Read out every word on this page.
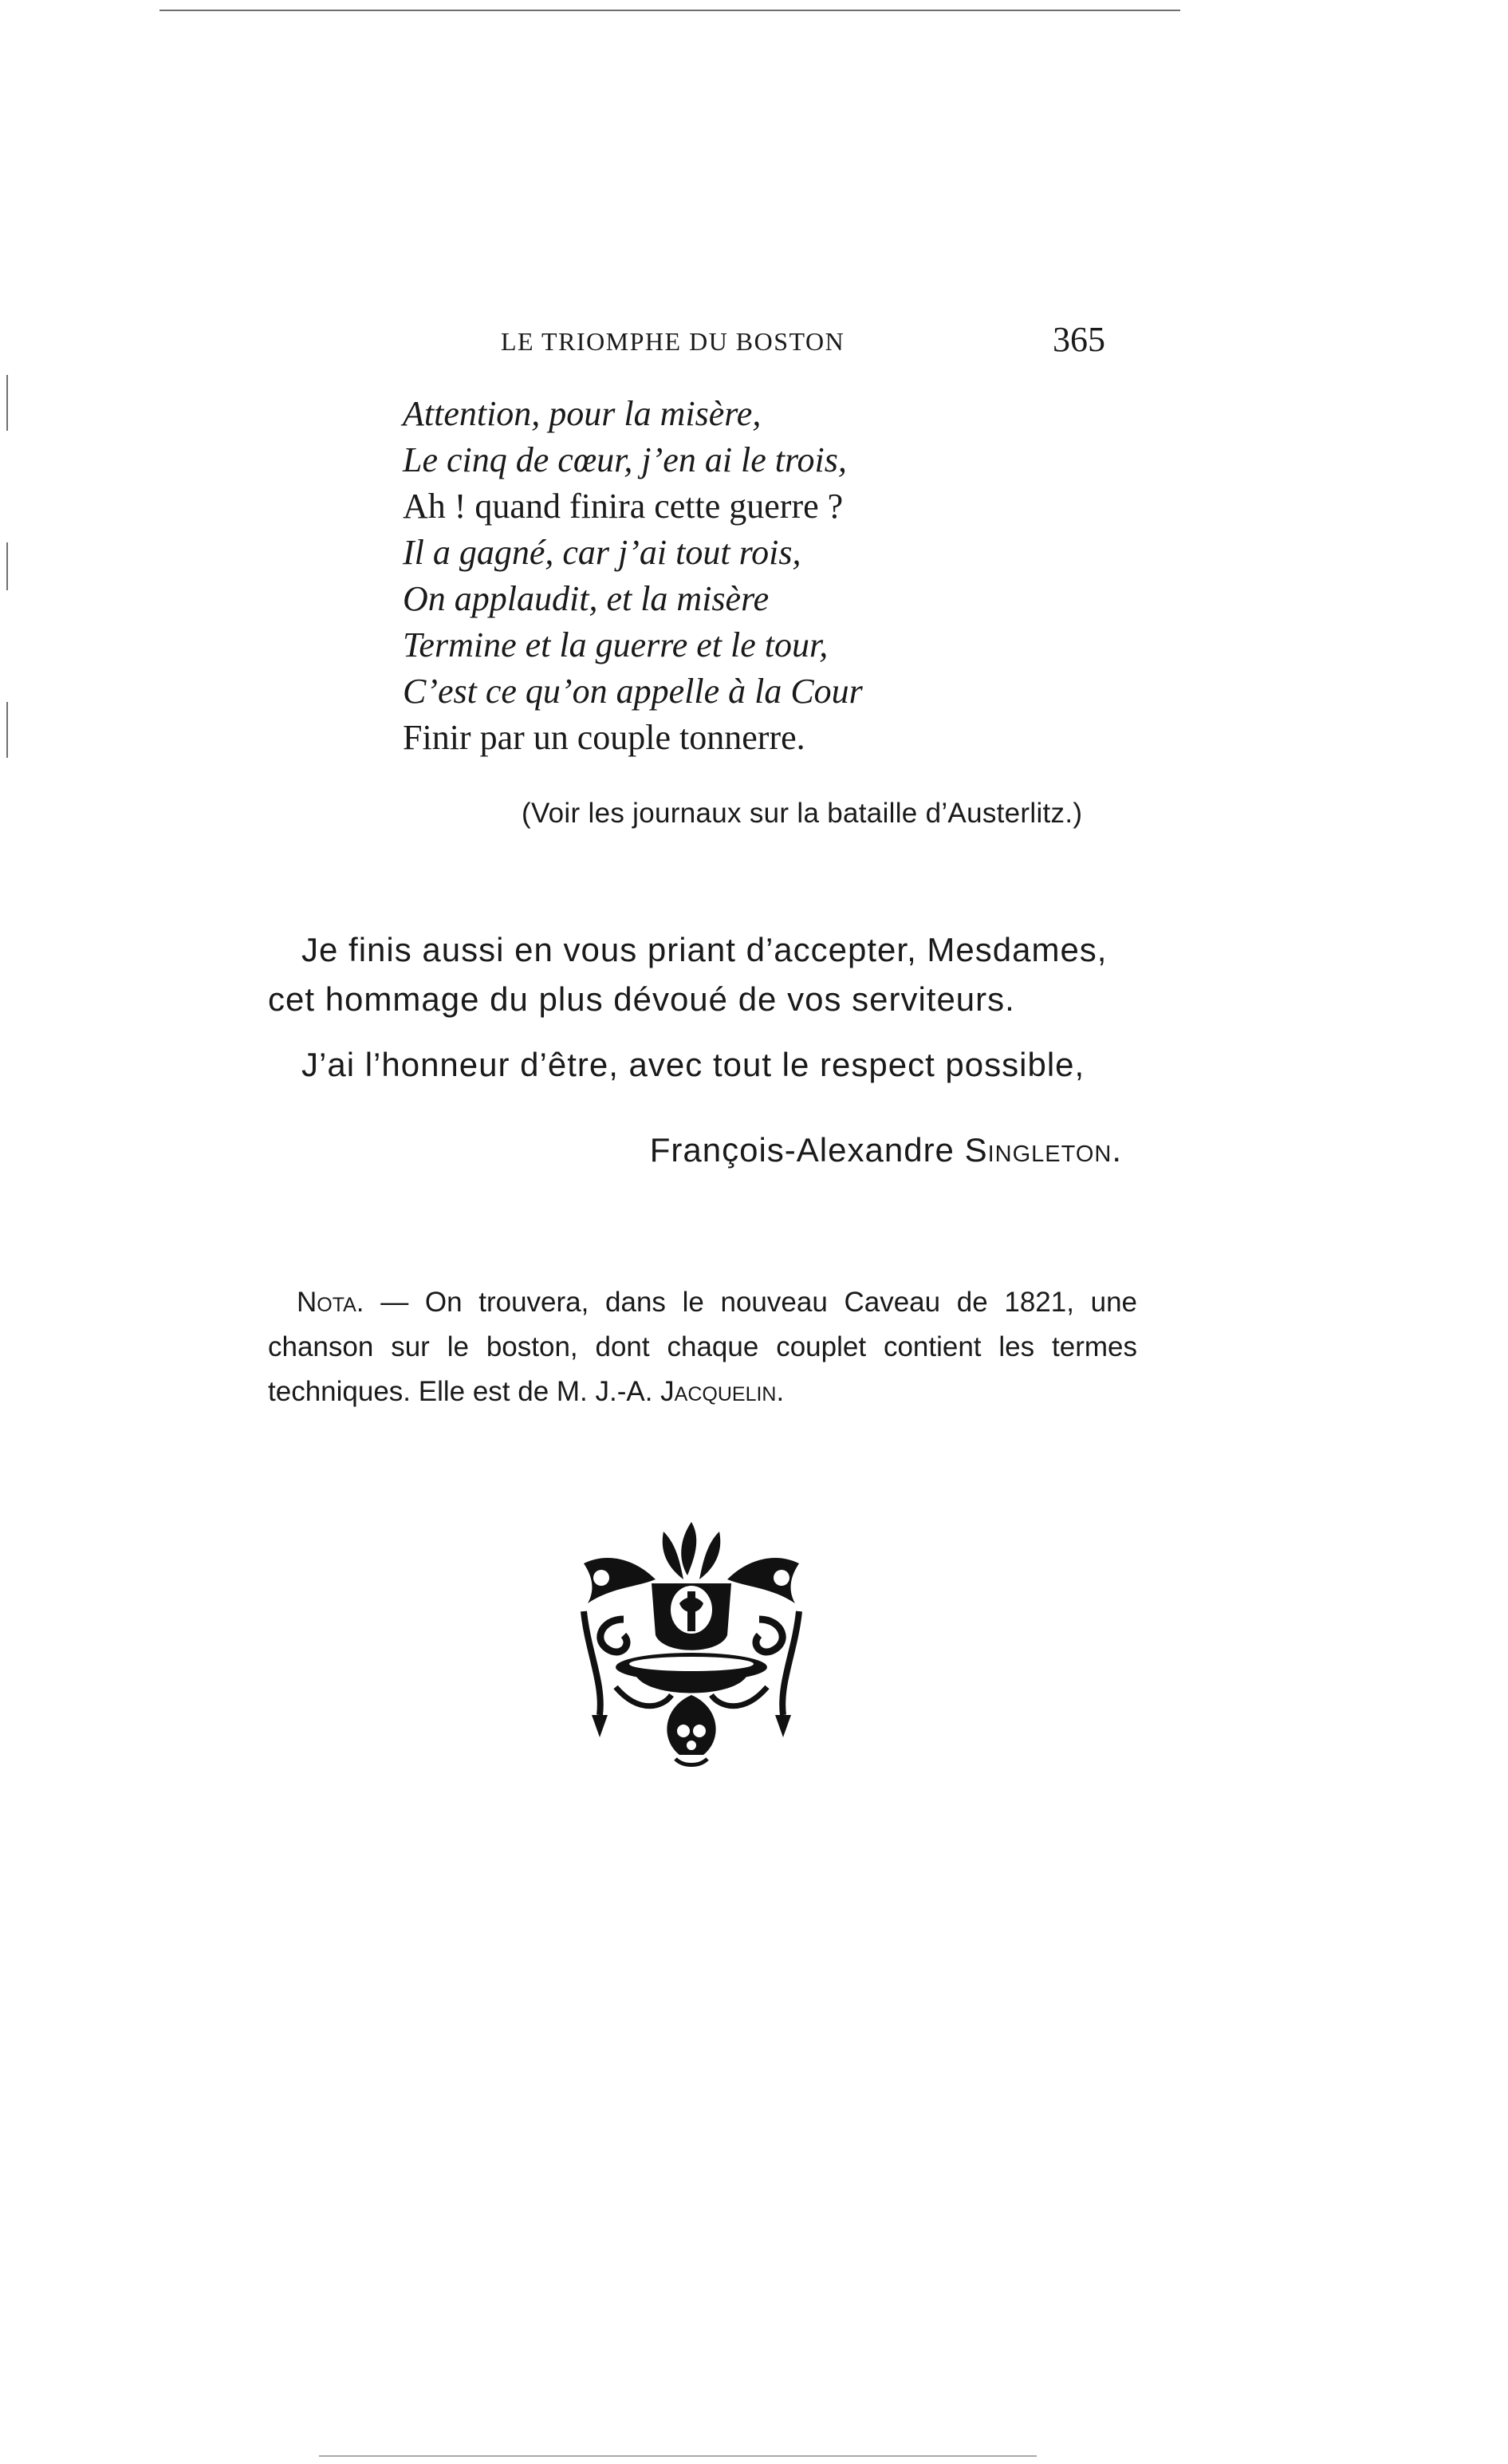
LE TRIOMPHE DU BOSTON	365
Attention, pour la misère,
Le cinq de cœur, j’en ai le trois,
Ah ! quand finira cette guerre ?
Il a gagné, car j’ai tout rois,
On applaudit, et la misère
Termine et la guerre et le tour,
C’est ce qu’on appelle à la Cour
Finir par un couple tonnerre.
(Voir les journaux sur la bataille d’Austerlitz.)
Je finis aussi en vous priant d’accepter, Mesdames, cet hommage du plus dévoué de vos serviteurs.
J’ai l’honneur d’être, avec tout le respect possible,
François-Alexandre Singleton.
Nota. — On trouvera, dans le nouveau Caveau de 1821, une chanson sur le boston, dont chaque couplet contient les termes techniques. Elle est de M. J.-A. Jacquelin.
